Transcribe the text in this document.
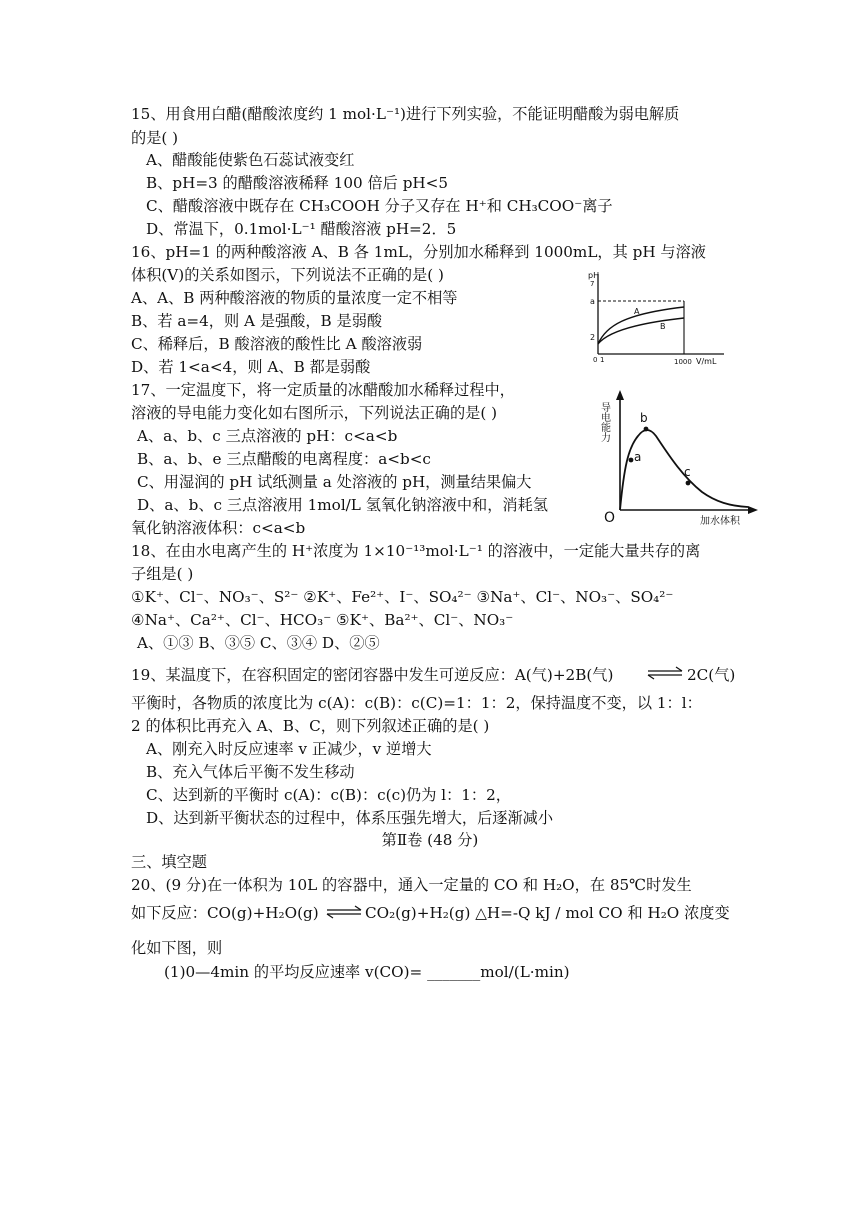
15、用食用白醋(醋酸浓度约 1 mol·L⁻¹)进行下列实验，不能证明醋酸为弱电解质
的是( )
A、醋酸能使紫色石蕊试液变红
B、pH=3 的醋酸溶液稀释 100 倍后 pH<5
C、醋酸溶液中既存在 CH₃COOH 分子又存在 H⁺和 CH₃COO⁻离子
D、常温下，0.1mol·L⁻¹ 醋酸溶液 pH=2．5
16、pH=1 的两种酸溶液 A、B 各 1mL，分别加水稀释到 1000mL，其 pH 与溶液
体积(V)的关系如图示，下列说法不正确的是( )
A、A、B 两种酸溶液的物质的量浓度一定不相等
B、若 a=4，则 A 是强酸，B 是弱酸
C、稀释后，B 酸溶液的酸性比 A 酸溶液弱
D、若 1<a<4，则 A、B 都是弱酸
pH
7
a
2
A
B
0 1	1000 V/mL
17、一定温度下，将一定质量的冰醋酸加水稀释过程中，
溶液的导电能力变化如右图所示，下列说法正确的是( )
A、a、b、c 三点溶液的 pH：c<a<b
B、a、b、e 三点醋酸的电离程度：a<b<c
C、用湿润的 pH 试纸测量 a 处溶液的 pH，测量结果偏大
D、a、b、c 三点溶液用 1mol/L 氢氧化钠溶液中和，消耗氢
氧化钠溶液体积：c<a<b
导电能力
a
b
c
O	加水体积
18、在由水电离产生的 H⁺浓度为 1×10⁻¹³mol·L⁻¹ 的溶液中，一定能大量共存的离
子组是( )
①K⁺、Cl⁻、NO₃⁻、S²⁻ ②K⁺、Fe²⁺、I⁻、SO₄²⁻ ③Na⁺、Cl⁻、NO₃⁻、SO₄²⁻
④Na⁺、Ca²⁺、Cl⁻、HCO₃⁻ ⑤K⁺、Ba²⁺、Cl⁻、NO₃⁻
A、①③ B、③⑤ C、③④ D、②⑤
19、某温度下，在容积固定的密闭容器中发生可逆反应：A(气)+2B(气) ⇌ 2C(气)
平衡时，各物质的浓度比为 c(A)：c(B)：c(C)=1：1：2，保持温度不变，以 1：l：
2 的体积比再充入 A、B、C，则下列叙述正确的是( )
A、刚充入时反应速率 v 正减少，v 逆增大
B、充入气体后平衡不发生移动
C、达到新的平衡时 c(A)：c(B)：c(c)仍为 l：1：2，
D、达到新平衡状态的过程中，体系压强先增大，后逐渐减小
第Ⅱ卷 (48 分)
三、填空题
20、(9 分)在一体积为 10L 的容器中，通入一定量的 CO 和 H₂O，在 85℃时发生
如下反应：CO(g)+H₂O(g) ⇌ CO₂(g)+H₂(g) △H=-Q kJ / mol CO 和 H₂O 浓度变
化如下图，则
(1)0—4min 的平均反应速率 v(CO)= _______mol/(L·min)
